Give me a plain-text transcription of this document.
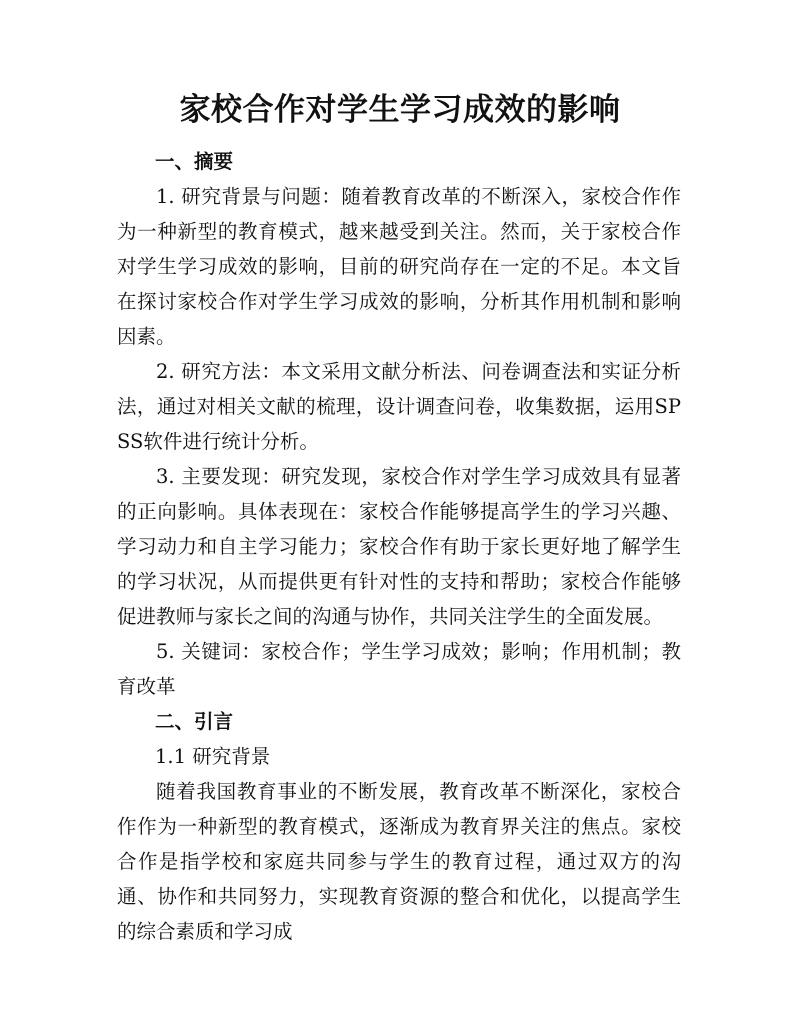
家校合作对学生学习成效的影响

一、摘要

1. 研究背景与问题：随着教育改革的不断深入，家校合作作为一种新型的教育模式，越来越受到关注。然而，关于家校合作对学生学习成效的影响，目前的研究尚存在一定的不足。本文旨在探讨家校合作对学生学习成效的影响，分析其作用机制和影响因素。

2. 研究方法：本文采用文献分析法、问卷调查法和实证分析法，通过对相关文献的梳理，设计调查问卷，收集数据，运用SPSS软件进行统计分析。

3. 主要发现：研究发现，家校合作对学生学习成效具有显著的正向影响。具体表现在：家校合作能够提高学生的学习兴趣、学习动力和自主学习能力；家校合作有助于家长更好地了解学生的学习状况，从而提供更有针对性的支持和帮助；家校合作能够促进教师与家长之间的沟通与协作，共同关注学生的全面发展。

5. 关键词：家校合作；学生学习成效；影响；作用机制；教育改革

二、引言

1.1 研究背景

随着我国教育事业的不断发展，教育改革不断深化，家校合作作为一种新型的教育模式，逐渐成为教育界关注的焦点。家校合作是指学校和家庭共同参与学生的教育过程，通过双方的沟通、协作和共同努力，实现教育资源的整合和优化，以提高学生的综合素质和学习成
